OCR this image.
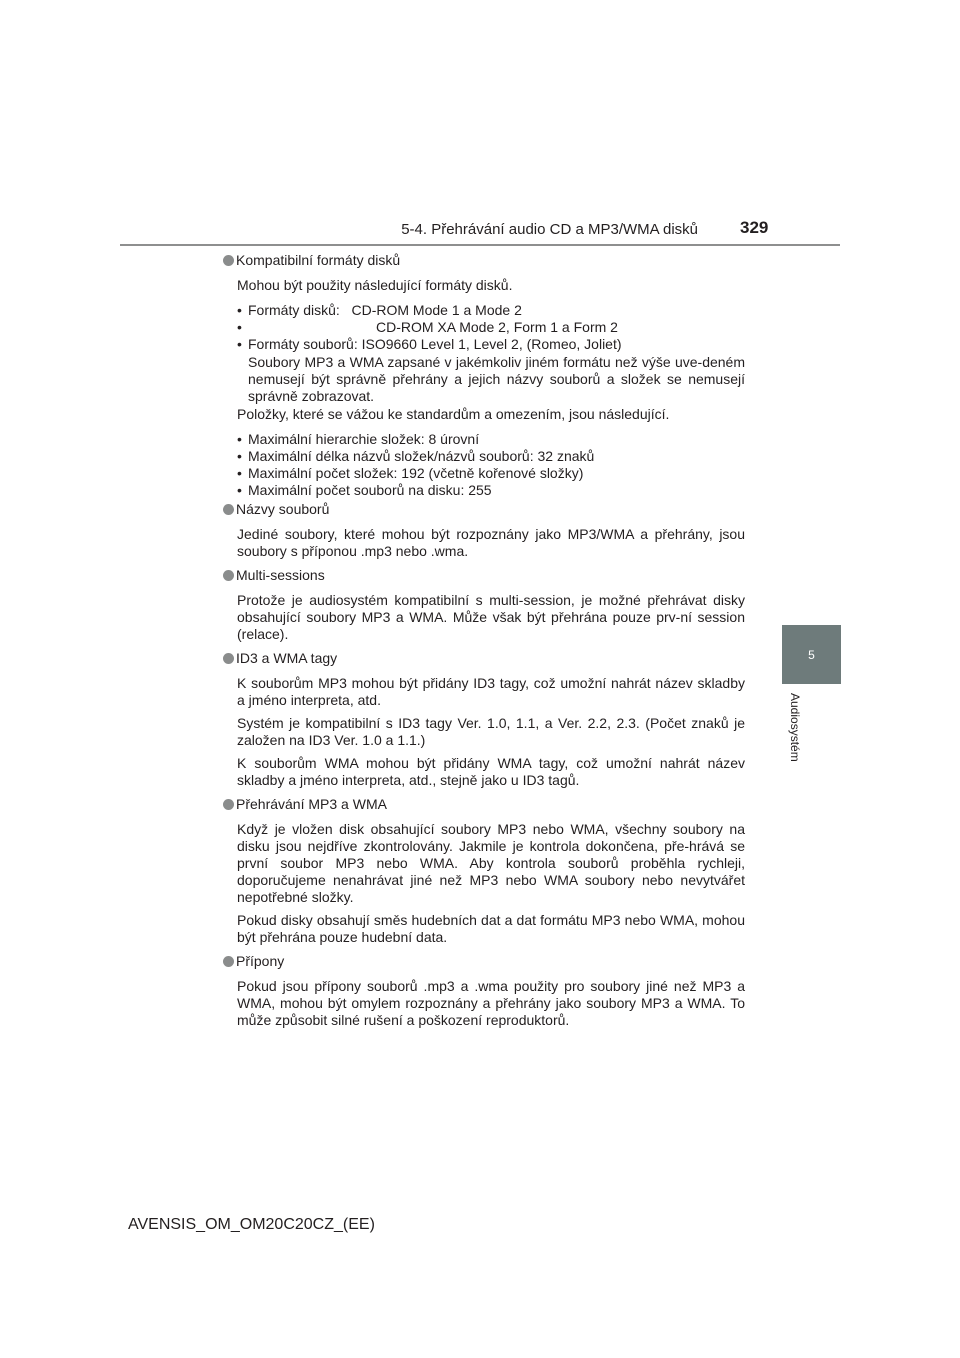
5-4. Přehrávání audio CD a MP3/WMA disků 329
5
Audiosystém
Kompatibilní formáty disků
Mohou být použity následující formáty disků.
• Formáty disků:   CD-ROM Mode 1 a Mode 2
• CD-ROM XA Mode 2, Form 1 a Form 2
• Formáty souborů: ISO9660 Level 1, Level 2, (Romeo, Joliet)
Soubory MP3 a WMA zapsané v jakémkoliv jiném formátu než výše uve-deném nemusejí být správně přehrány a jejich názvy souborů a složek se nemusejí správně zobrazovat.
Položky, které se vážou ke standardům a omezením, jsou následující.
• Maximální hierarchie složek: 8 úrovní
• Maximální délka názvů složek/názvů souborů: 32 znaků
• Maximální počet složek: 192 (včetně kořenové složky)
• Maximální počet souborů na disku: 255
Názvy souborů
Jediné soubory, které mohou být rozpoznány jako MP3/WMA a přehrány, jsou soubory s příponou .mp3 nebo .wma.
Multi-sessions
Protože je audiosystém kompatibilní s multi-session, je možné přehrávat disky obsahující soubory MP3 a WMA. Může však být přehrána pouze prv-ní session (relace).
ID3 a WMA tagy
K souborům MP3 mohou být přidány ID3 tagy, což umožní nahrát název skladby a jméno interpreta, atd.
Systém je kompatibilní s ID3 tagy Ver. 1.0, 1.1, a Ver. 2.2, 2.3. (Počet znaků je založen na ID3 Ver. 1.0 a 1.1.)
K souborům WMA mohou být přidány WMA tagy, což umožní nahrát název skladby a jméno interpreta, atd., stejně jako u ID3 tagů.
Přehrávání MP3 a WMA
Když je vložen disk obsahující soubory MP3 nebo WMA, všechny soubory na disku jsou nejdříve zkontrolovány. Jakmile je kontrola dokončena, pře-hrává se první soubor MP3 nebo WMA. Aby kontrola souborů proběhla rychleji, doporučujeme nenahrávat jiné než MP3 nebo WMA soubory nebo nevytvářet nepotřebné složky.
Pokud disky obsahují směs hudebních dat a dat formátu MP3 nebo WMA, mohou být přehrána pouze hudební data.
Přípony
Pokud jsou přípony souborů .mp3 a .wma použity pro soubory jiné než MP3 a WMA, mohou být omylem rozpoznány a přehrány jako soubory MP3 a WMA. To může způsobit silné rušení a poškození reproduktorů.
AVENSIS_OM_OM20C20CZ_(EE)
